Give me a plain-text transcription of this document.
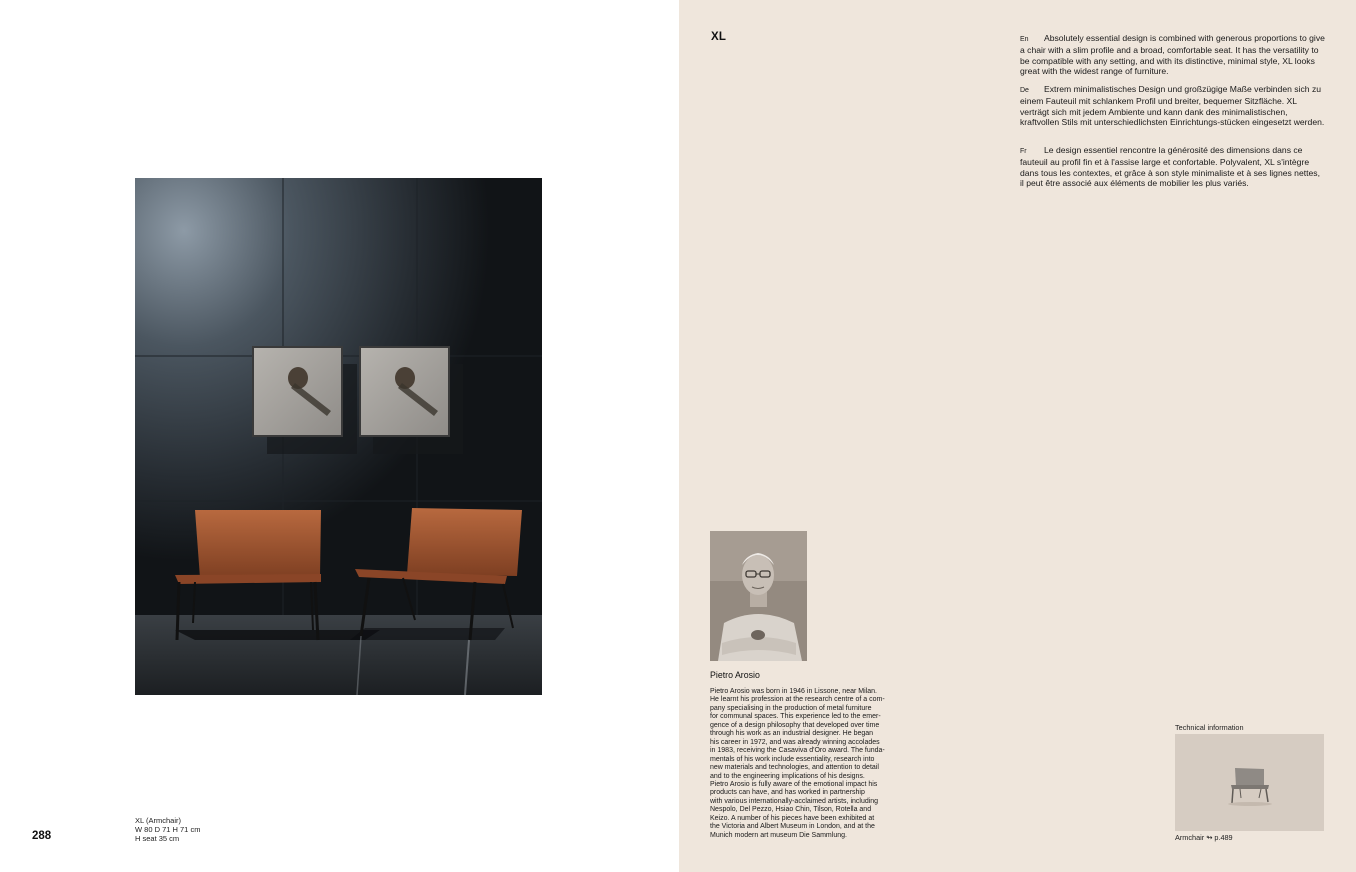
XL (Armchair)
W 80 D 71 H 71 cm
H seat 35 cm
288
XL	En Absolutely essential design is combined with generous proportions to give a chair with a slim profile and a broad, comfortable seat. It has the versatility to be compatible with any setting, and with its distinctive, minimal style, XL looks great with the widest range of furniture.
De Extrem minimalistisches Design und großzügige Maße verbinden sich zu einem Fauteuil mit schlankem Profil und breiter, bequemer Sitzfläche. XL verträgt sich mit jedem Ambiente und kann dank des minimalistischen, kraftvollen Stils mit unterschiedlichsten Einrichtungs-stücken eingesetzt werden.
Fr Le design essentiel rencontre la générosité des dimensions dans ce fauteuil au profil fin et à l'assise large et confortable. Polyvalent, XL s'intègre dans tous les contextes, et grâce à son style minimaliste et à ses lignes nettes, il peut être associé aux éléments de mobilier les plus variés.
Pietro Arosio
Pietro Arosio was born in 1946 in Lissone, near Milan.
He learnt his profession at the research centre of a com-
pany specialising in the production of metal furniture
for communal spaces. This experience led to the emer-
gence of a design philosophy that developed over time
through his work as an industrial designer. He began
his career in 1972, and was already winning accolades
in 1983, receiving the Casaviva d'Oro award. The funda-
mentals of his work include essentiality, research into
new materials and technologies, and attention to detail
and to the engineering implications of his designs.
Pietro Arosio is fully aware of the emotional impact his
products can have, and has worked in partnership
with various internationally-acclaimed artists, including
Nespolo, Del Pezzo, Hsiao Chin, Tilson, Rotella and
Keizo. A number of his pieces have been exhibited at
the Victoria and Albert Museum in London, and at the
Munich modern art museum Die Sammlung.
Technical information
Armchair ↬ p.489
